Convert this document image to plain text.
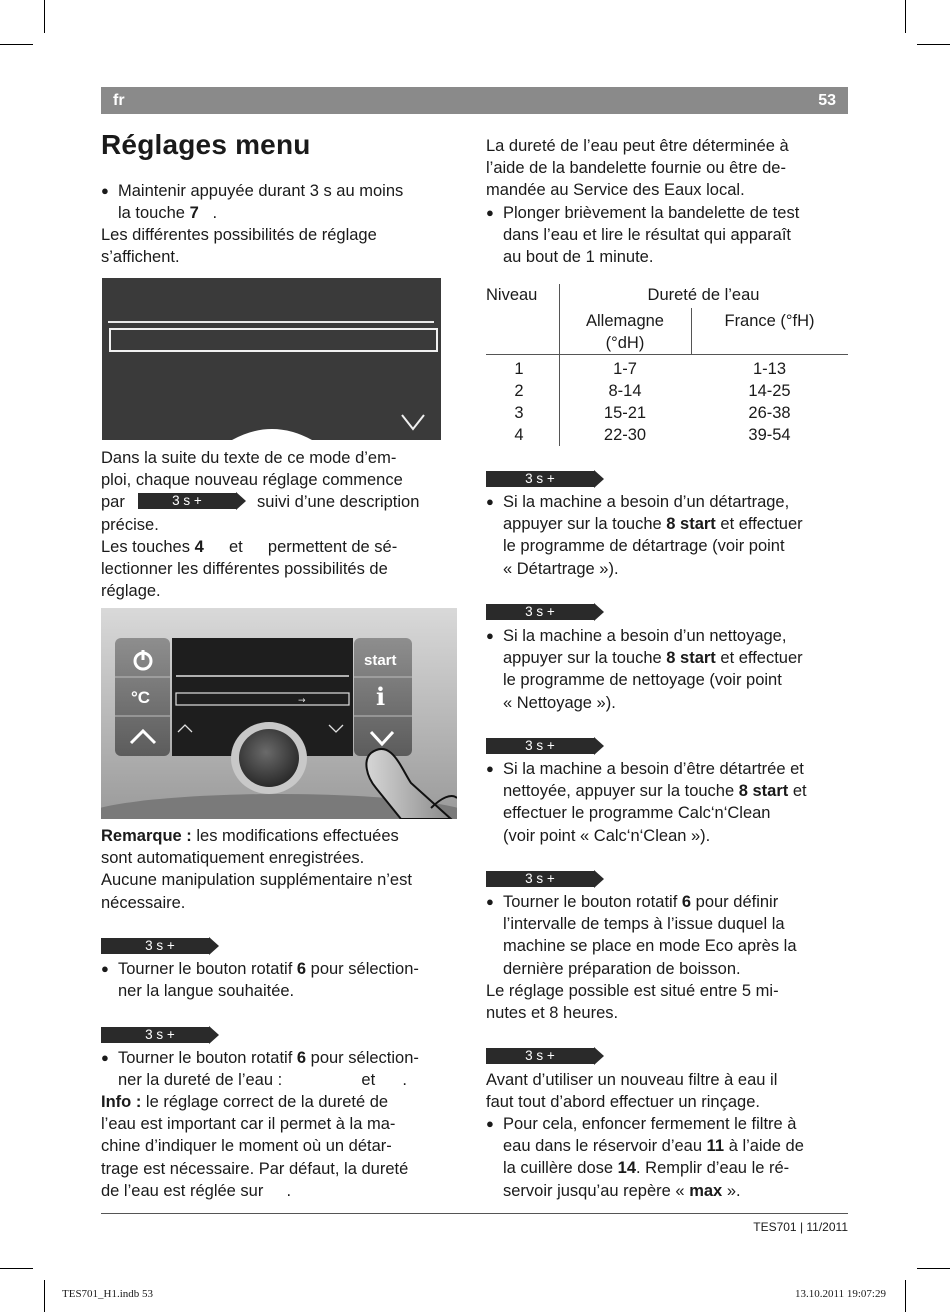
fr	53
Réglages menu
● Maintenir appuyée durant 3 s au moins
la touche 7   .
Les différentes possibilités de réglage
s’affichent.
Dans la suite du texte de ce mode d’em-
ploi, chaque nouveau réglage commence
par	suivi d’une description
précise.
3 s +
Les touches 4 et permettent de sé-
lectionner les différentes possibilités de
réglage.
→
°C
start
i
Remarque : les modifications effectuées
sont automatiquement enregistrées.
Aucune manipulation supplémentaire n’est
nécessaire.
3 s +
● Tourner le bouton rotatif 6 pour sélection-
ner la langue souhaitée.
3 s +
● Tourner le bouton rotatif 6 pour sélection-
ner la dureté de l’eau :	et .
Info : le réglage correct de la dureté de
l’eau est important car il permet à la ma-
chine d’indiquer le moment où un détar-
trage est nécessaire. Par défaut, la dureté
de l’eau est réglée sur .
La dureté de l’eau peut être déterminée à
l’aide de la bandelette fournie ou être de-
mandée au Service des Eaux local.
● Plonger brièvement la bandelette de test
dans l’eau et lire le résultat qui apparaît
au bout de 1 minute.
Niveau	Dureté de l’eau
Allemagne
(°dH)
France (°fH)
1	1-7	1-13
2	8-14	14-25
3	15-21	26-38
4	22-30	39-54
3 s +
● Si la machine a besoin d’un détartrage,
appuyer sur la touche 8 start et effectuer
le programme de détartrage (voir point
« Détartrage »).
3 s +
● Si la machine a besoin d’un nettoyage,
appuyer sur la touche 8 start et effectuer
le programme de nettoyage (voir point
« Nettoyage »).
3 s +
● Si la machine a besoin d’être détartrée et
nettoyée, appuyer sur la touche 8 start et
effectuer le programme Calc‘n‘Clean
(voir point « Calc‘n‘Clean »).
3 s +
● Tourner le bouton rotatif 6 pour définir
l’intervalle de temps à l’issue duquel la
machine se place en mode Eco après la
dernière préparation de boisson.
Le réglage possible est situé entre 5 mi-
nutes et 8 heures.
3 s +
Avant d’utiliser un nouveau filtre à eau il
faut tout d’abord effectuer un rinçage.
● Pour cela, enfoncer fermement le filtre à
eau dans le réservoir d’eau 11 à l’aide de
la cuillère dose 14. Remplir d’eau le ré-
servoir jusqu’au repère « max ».
TES701 | 11/2011
TES701_H1.indb 53	13.10.2011 19:07:29
